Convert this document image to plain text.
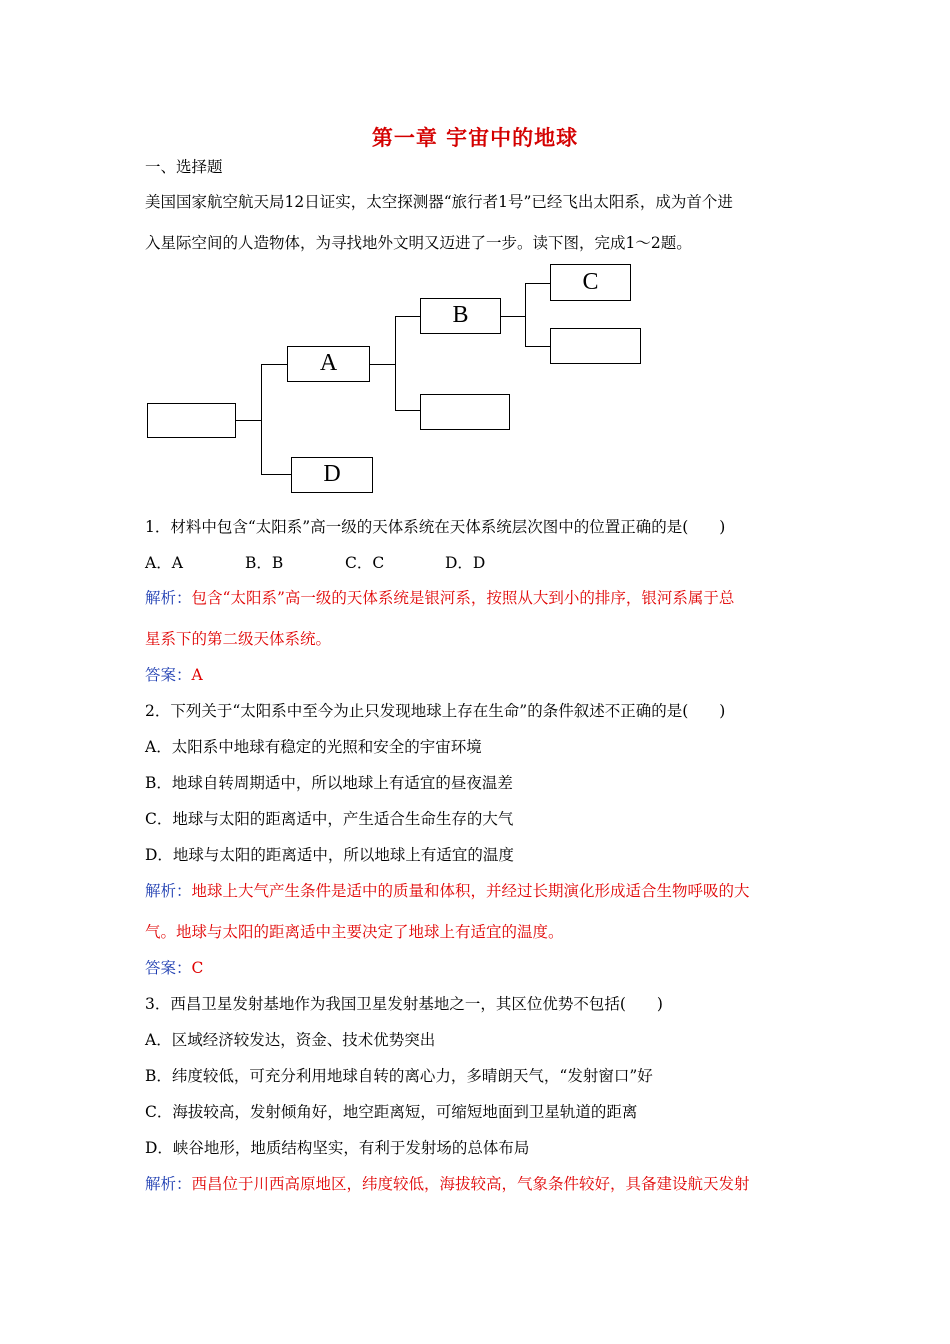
第一章 宇宙中的地球
一、选择题
美国国家航空航天局12日证实，太空探测器“旅行者1号”已经飞出太阳系，成为首个进
入星际空间的人造物体，为寻找地外文明又迈进了一步。读下图，完成1～2题。
A
D
B
C
1．材料中包含“太阳系”高一级的天体系统在天体系统层次图中的位置正确的是(　　)
A．A	B．B	C．C	D．D
解析：包含“太阳系”高一级的天体系统是银河系，按照从大到小的排序，银河系属于总
星系下的第二级天体系统。
答案：A
2．下列关于“太阳系中至今为止只发现地球上存在生命”的条件叙述不正确的是(　　)
A．太阳系中地球有稳定的光照和安全的宇宙环境
B．地球自转周期适中，所以地球上有适宜的昼夜温差
C．地球与太阳的距离适中，产生适合生命生存的大气
D．地球与太阳的距离适中，所以地球上有适宜的温度
解析：地球上大气产生条件是适中的质量和体积，并经过长期演化形成适合生物呼吸的大
气。地球与太阳的距离适中主要决定了地球上有适宜的温度。
答案：C
3．西昌卫星发射基地作为我国卫星发射基地之一，其区位优势不包括(　　)
A．区域经济较发达，资金、技术优势突出
B．纬度较低，可充分利用地球自转的离心力，多晴朗天气，“发射窗口”好
C．海拔较高，发射倾角好，地空距离短，可缩短地面到卫星轨道的距离
D．峡谷地形，地质结构坚实，有利于发射场的总体布局
解析：西昌位于川西高原地区，纬度较低，海拔较高，气象条件较好，具备建设航天发射
